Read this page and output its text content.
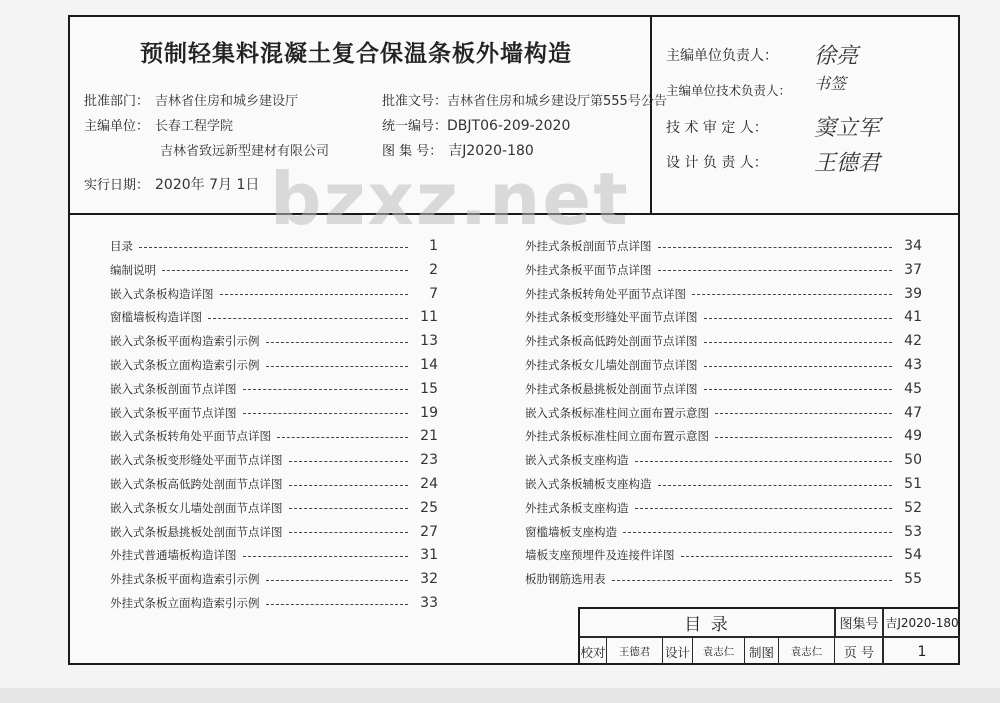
预制轻集料混凝土复合保温条板外墙构造
批准部门： 吉林省住房和城乡建设厅	批准文号：吉林省住房和城乡建设厅第555号公告
主编单位： 长春工程学院	统一编号：DBJT06-209-2020
吉林省致远新型建材有限公司	图 集 号： 吉J2020-180
实行日期： 2020年 7月 1日
主编单位负责人： 徐亮
主编单位技术负责人： 书签
技 术 审 定 人： 窦立军
设 计 负 责 人： 王德君
bzxz.net
目录	1
编制说明	2
嵌入式条板构造详图	7
窗槛墙板构造详图	11
嵌入式条板平面构造索引示例	13
嵌入式条板立面构造索引示例	14
嵌入式条板剖面节点详图	15
嵌入式条板平面节点详图	19
嵌入式条板转角处平面节点详图	21
嵌入式条板变形缝处平面节点详图	23
嵌入式条板高低跨处剖面节点详图	24
嵌入式条板女儿墙处剖面节点详图	25
嵌入式条板悬挑板处剖面节点详图	27
外挂式普通墙板构造详图	31
外挂式条板平面构造索引示例	32
外挂式条板立面构造索引示例	33
外挂式条板剖面节点详图	34
外挂式条板平面节点详图	37
外挂式条板转角处平面节点详图	39
外挂式条板变形缝处平面节点详图	41
外挂式条板高低跨处剖面节点详图	42
外挂式条板女儿墙处剖面节点详图	43
外挂式条板悬挑板处剖面节点详图	45
嵌入式条板标准柱间立面布置示意图	47
外挂式条板标准柱间立面布置示意图	49
嵌入式条板支座构造	50
嵌入式条板辅板支座构造	51
外挂式条板支座构造	52
窗槛墙板支座构造	53
墙板支座预埋件及连接件详图	54
板肋钢筋选用表	55
目 录	图集号 吉J2020-180
校对	王德君	设计	袁志仁	制图	袁志仁	页 号	1
